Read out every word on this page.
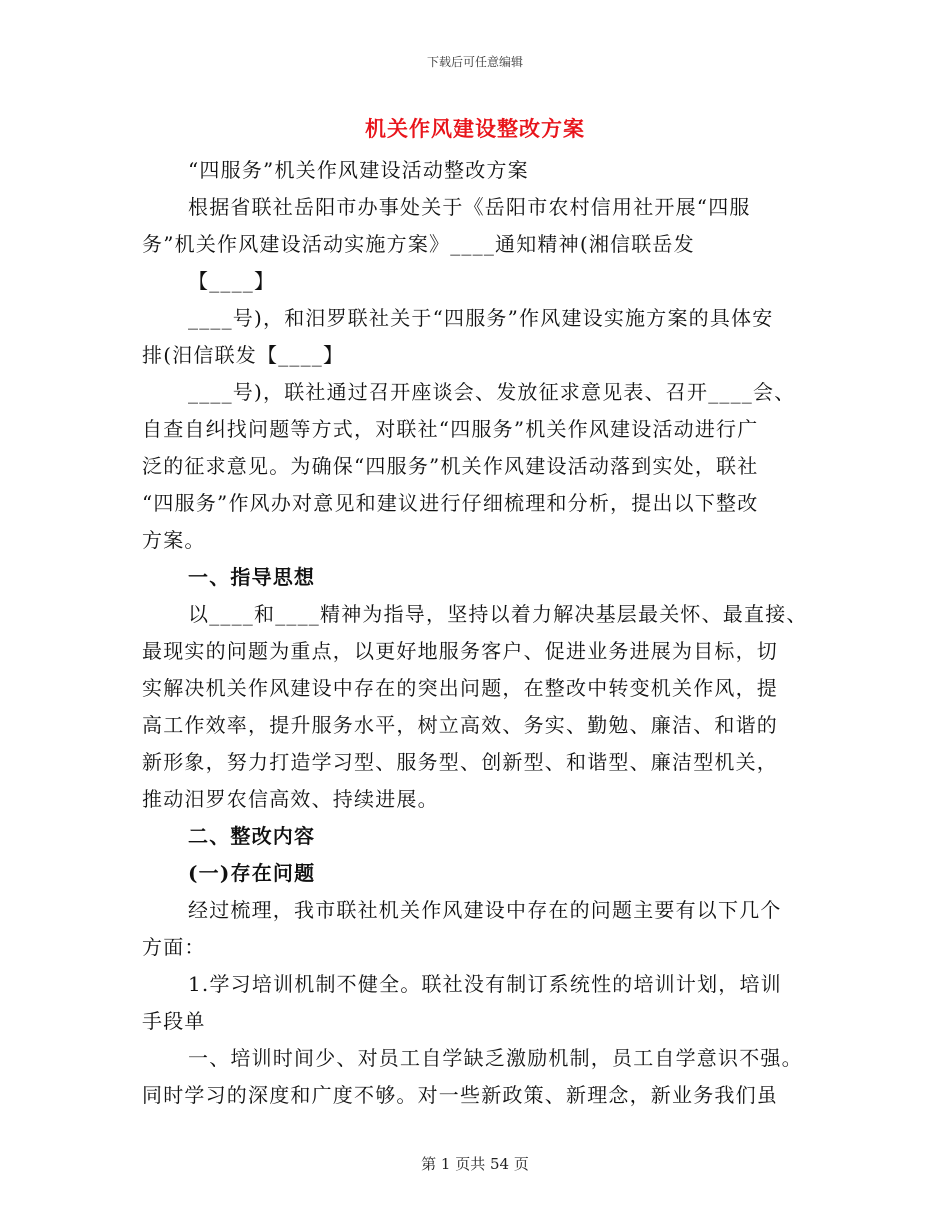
下载后可任意编辑
机关作风建设整改方案
“四服务”机关作风建设活动整改方案
根据省联社岳阳市办事处关于《岳阳市农村信用社开展“四服
务”机关作风建设活动实施方案》____通知精神(湘信联岳发
【____】
____号)，和汨罗联社关于“四服务”作风建设实施方案的具体安
排(汨信联发【____】
____号)，联社通过召开座谈会、发放征求意见表、召开____会、
自查自纠找问题等方式，对联社“四服务”机关作风建设活动进行广
泛的征求意见。为确保“四服务”机关作风建设活动落到实处，联社
“四服务”作风办对意见和建议进行仔细梳理和分析，提出以下整改
方案。
一、指导思想
以____和____精神为指导，坚持以着力解决基层最关怀、最直接、
最现实的问题为重点，以更好地服务客户、促进业务进展为目标，切
实解决机关作风建设中存在的突出问题，在整改中转变机关作风，提
高工作效率，提升服务水平，树立高效、务实、勤勉、廉洁、和谐的
新形象，努力打造学习型、服务型、创新型、和谐型、廉洁型机关，
推动汨罗农信高效、持续进展。
二、整改内容
(一)存在问题
经过梳理，我市联社机关作风建设中存在的问题主要有以下几个
方面：
1.学习培训机制不健全。联社没有制订系统性的培训计划，培训
手段单
一、培训时间少、对员工自学缺乏激励机制，员工自学意识不强。
同时学习的深度和广度不够。对一些新政策、新理念，新业务我们虽
第 1 页共 54 页
